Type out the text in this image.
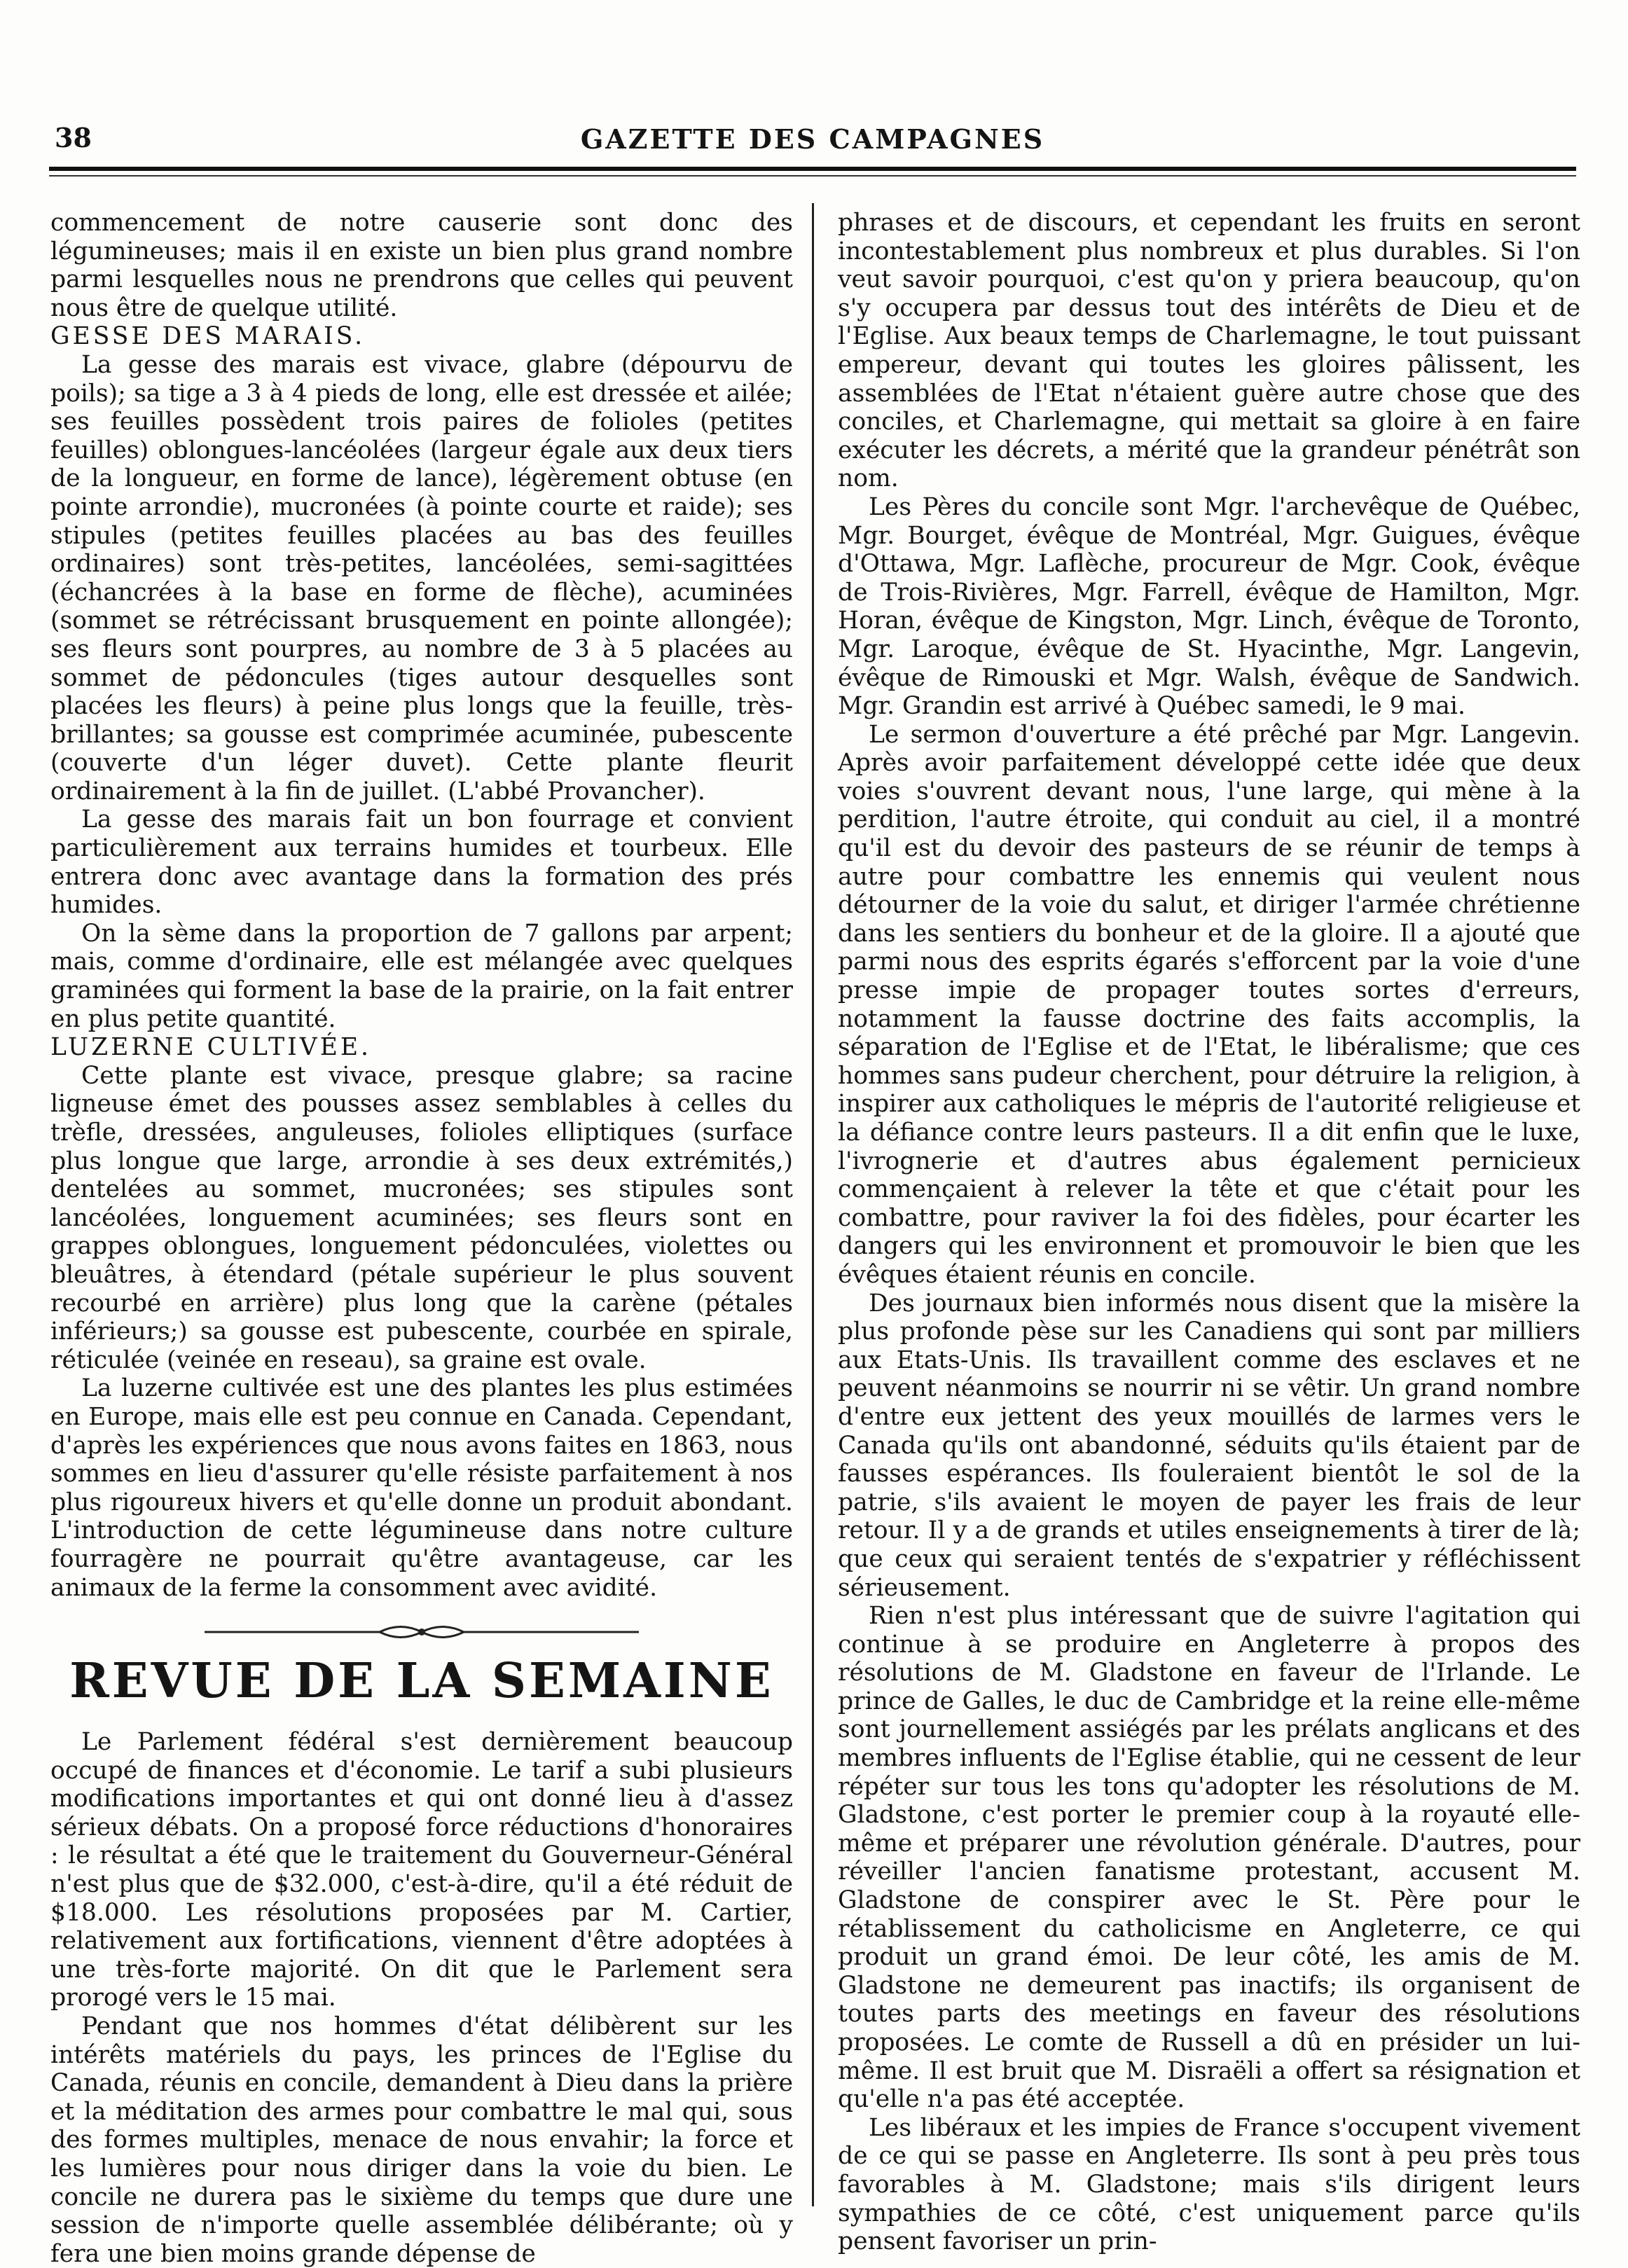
38	GAZETTE DES CAMPAGNES

commencement de notre causerie sont donc des légumineuses; mais il en existe un bien plus grand nombre parmi lesquelles nous ne prendrons que celles qui peuvent nous être de quelque utilité.

GESSE DES MARAIS.

La gesse des marais est vivace, glabre (dépourvu de poils); sa tige a 3 à 4 pieds de long, elle est dressée et ailée; ses feuilles possèdent trois paires de folioles (petites feuilles) oblongues-lancéolées (largeur égale aux deux tiers de la longueur, en forme de lance), légèrement obtuse (en pointe arrondie), mucronées (à pointe courte et raide); ses stipules (petites feuilles placées au bas des feuilles ordinaires) sont très-petites, lancéolées, semi-sagittées (échancrées à la base en forme de flèche), acuminées (sommet se rétrécissant brusquement en pointe allongée); ses fleurs sont pourpres, au nombre de 3 à 5 placées au sommet de pédoncules (tiges autour desquelles sont placées les fleurs) à peine plus longs que la feuille, très-brillantes; sa gousse est comprimée acuminée, pubescente (couverte d'un léger duvet). Cette plante fleurit ordinairement à la fin de juillet. (L'abbé Provancher).

La gesse des marais fait un bon fourrage et convient particulièrement aux terrains humides et tourbeux. Elle entrera donc avec avantage dans la formation des prés humides.

On la sème dans la proportion de 7 gallons par arpent; mais, comme d'ordinaire, elle est mélangée avec quelques graminées qui forment la base de la prairie, on la fait entrer en plus petite quantité.

LUZERNE CULTIVÉE.

Cette plante est vivace, presque glabre; sa racine ligneuse émet des pousses assez semblables à celles du trèfle, dressées, anguleuses, folioles elliptiques (surface plus longue que large, arrondie à ses deux extrémités,) dentelées au sommet, mucronées; ses stipules sont lancéolées, longuement acuminées; ses fleurs sont en grappes oblongues, longuement pédonculées, violettes ou bleuâtres, à étendard (pétale supérieur le plus souvent recourbé en arrière) plus long que la carène (pétales inférieurs;) sa gousse est pubescente, courbée en spirale, réticulée (veinée en reseau), sa graine est ovale.

La luzerne cultivée est une des plantes les plus estimées en Europe, mais elle est peu connue en Canada. Cependant, d'après les expériences que nous avons faites en 1863, nous sommes en lieu d'assurer qu'elle résiste parfaitement à nos plus rigoureux hivers et qu'elle donne un produit abondant. L'introduction de cette légumineuse dans notre culture fourragère ne pourrait qu'être avantageuse, car les animaux de la ferme la consomment avec avidité.

REVUE DE LA SEMAINE

Le Parlement fédéral s'est dernièrement beaucoup occupé de finances et d'économie. Le tarif a subi plusieurs modifications importantes et qui ont donné lieu à d'assez sérieux débats. On a proposé force réductions d'honoraires : le résultat a été que le traitement du Gouverneur-Général n'est plus que de $32.000, c'est-à-dire, qu'il a été réduit de $18.000. Les résolutions proposées par M. Cartier, relativement aux fortifications, viennent d'être adoptées à une très-forte majorité. On dit que le Parlement sera prorogé vers le 15 mai.

Pendant que nos hommes d'état délibèrent sur les intérêts matériels du pays, les princes de l'Eglise du Canada, réunis en concile, demandent à Dieu dans la prière et la méditation des armes pour combattre le mal qui, sous des formes multiples, menace de nous envahir; la force et les lumières pour nous diriger dans la voie du bien. Le concile ne durera pas le sixième du temps que dure une session de n'importe quelle assemblée délibérante; où y fera une bien moins grande dépense de

phrases et de discours, et cependant les fruits en seront incontestablement plus nombreux et plus durables. Si l'on veut savoir pourquoi, c'est qu'on y priera beaucoup, qu'on s'y occupera par dessus tout des intérêts de Dieu et de l'Eglise. Aux beaux temps de Charlemagne, le tout puissant empereur, devant qui toutes les gloires pâlissent, les assemblées de l'Etat n'étaient guère autre chose que des conciles, et Charlemagne, qui mettait sa gloire à en faire exécuter les décrets, a mérité que la grandeur pénétrât son nom.

Les Pères du concile sont Mgr. l'archevêque de Québec, Mgr. Bourget, évêque de Montréal, Mgr. Guigues, évêque d'Ottawa, Mgr. Laflèche, procureur de Mgr. Cook, évêque de Trois-Rivières, Mgr. Farrell, évêque de Hamilton, Mgr. Horan, évêque de Kingston, Mgr. Linch, évêque de Toronto, Mgr. Laroque, évêque de St. Hyacinthe, Mgr. Langevin, évêque de Rimouski et Mgr. Walsh, évêque de Sandwich. Mgr. Grandin est arrivé à Québec samedi, le 9 mai.

Le sermon d'ouverture a été prêché par Mgr. Langevin. Après avoir parfaitement développé cette idée que deux voies s'ouvrent devant nous, l'une large, qui mène à la perdition, l'autre étroite, qui conduit au ciel, il a montré qu'il est du devoir des pasteurs de se réunir de temps à autre pour combattre les ennemis qui veulent nous détourner de la voie du salut, et diriger l'armée chrétienne dans les sentiers du bonheur et de la gloire. Il a ajouté que parmi nous des esprits égarés s'efforcent par la voie d'une presse impie de propager toutes sortes d'erreurs, notamment la fausse doctrine des faits accomplis, la séparation de l'Eglise et de l'Etat, le libéralisme; que ces hommes sans pudeur cherchent, pour détruire la religion, à inspirer aux catholiques le mépris de l'autorité religieuse et la défiance contre leurs pasteurs. Il a dit enfin que le luxe, l'ivrognerie et d'autres abus également pernicieux commençaient à relever la tête et que c'était pour les combattre, pour raviver la foi des fidèles, pour écarter les dangers qui les environnent et promouvoir le bien que les évêques étaient réunis en concile.

Des journaux bien informés nous disent que la misère la plus profonde pèse sur les Canadiens qui sont par milliers aux Etats-Unis. Ils travaillent comme des esclaves et ne peuvent néanmoins se nourrir ni se vêtir. Un grand nombre d'entre eux jettent des yeux mouillés de larmes vers le Canada qu'ils ont abandonné, séduits qu'ils étaient par de fausses espérances. Ils fouleraient bientôt le sol de la patrie, s'ils avaient le moyen de payer les frais de leur retour. Il y a de grands et utiles enseignements à tirer de là; que ceux qui seraient tentés de s'expatrier y réfléchissent sérieusement.

Rien n'est plus intéressant que de suivre l'agitation qui continue à se produire en Angleterre à propos des résolutions de M. Gladstone en faveur de l'Irlande. Le prince de Galles, le duc de Cambridge et la reine elle-même sont journellement assiégés par les prélats anglicans et des membres influents de l'Eglise établie, qui ne cessent de leur répéter sur tous les tons qu'adopter les résolutions de M. Gladstone, c'est porter le premier coup à la royauté elle-même et préparer une révolution générale. D'autres, pour réveiller l'ancien fanatisme protestant, accusent M. Gladstone de conspirer avec le St. Père pour le rétablissement du catholicisme en Angleterre, ce qui produit un grand émoi. De leur côté, les amis de M. Gladstone ne demeurent pas inactifs; ils organisent de toutes parts des meetings en faveur des résolutions proposées. Le comte de Russell a dû en présider un lui-même. Il est bruit que M. Disraëli a offert sa résignation et qu'elle n'a pas été acceptée.

Les libéraux et les impies de France s'occupent vivement de ce qui se passe en Angleterre. Ils sont à peu près tous favorables à M. Gladstone; mais s'ils dirigent leurs sympathies de ce côté, c'est uniquement parce qu'ils pensent favoriser un prin-
